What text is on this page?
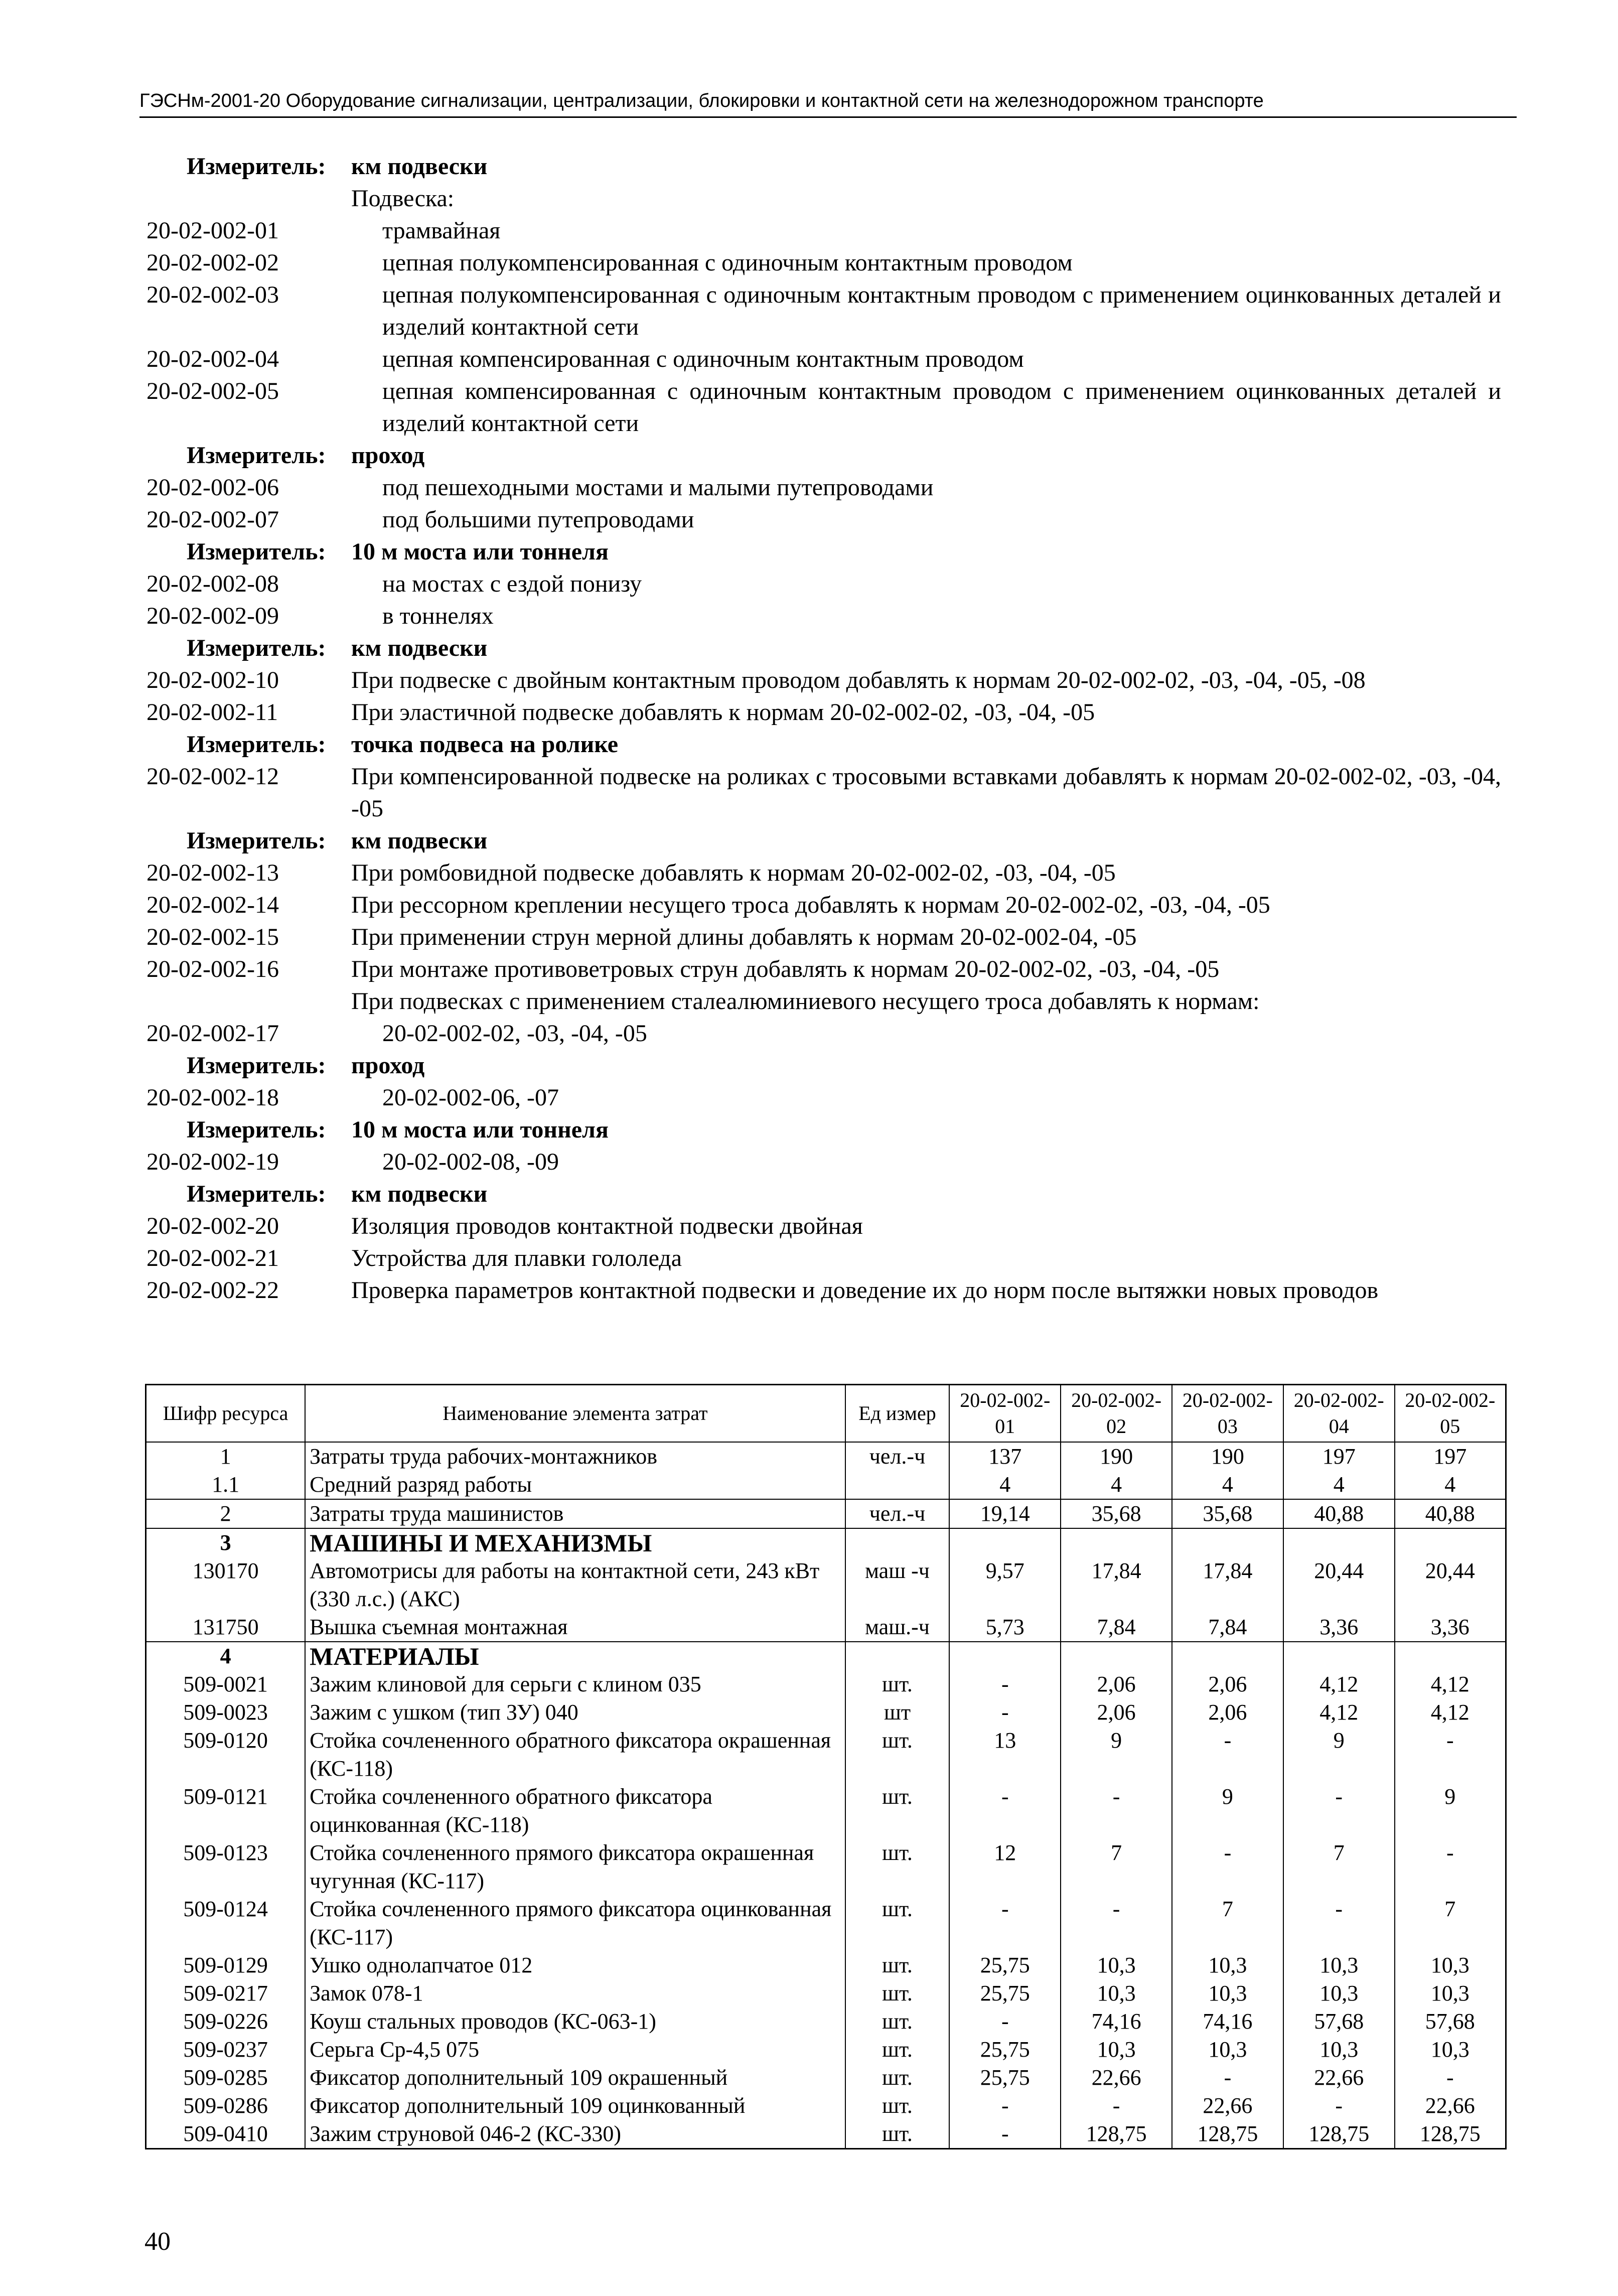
ГЭСНм-2001-20 Оборудование сигнализации, централизации, блокировки и контактной сети на железнодорожном транспорте
Измеритель: км подвески
Подвеска:
20-02-002-01	трамвайная
20-02-002-02	цепная полукомпенсированная с одиночным контактным проводом
20-02-002-03	цепная полукомпенсированная с одиночным контактным проводом с применением оцинкованных деталей и изделий контактной сети
20-02-002-04	цепная компенсированная с одиночным контактным проводом
20-02-002-05	цепная компенсированная с одиночным контактным проводом с применением оцинкованных деталей и изделий контактной сети
Измеритель: проход
20-02-002-06	под пешеходными мостами и малыми путепроводами
20-02-002-07	под большими путепроводами
Измеритель: 10 м моста или тоннеля
20-02-002-08	на мостах с ездой понизу
20-02-002-09	в тоннелях
Измеритель: км подвески
20-02-002-10	При подвеске с двойным контактным проводом добавлять к нормам 20-02-002-02, -03, -04, -05, -08
20-02-002-11	При эластичной подвеске добавлять к нормам 20-02-002-02, -03, -04, -05
Измеритель: точка подвеса на ролике
20-02-002-12	При компенсированной подвеске на роликах с тросовыми вставками добавлять к нормам 20-02-002-02, -03, -04, -05
Измеритель: км подвески
20-02-002-13	При ромбовидной подвеске добавлять к нормам 20-02-002-02, -03, -04, -05
20-02-002-14	При рессорном креплении несущего троса добавлять к нормам 20-02-002-02, -03, -04, -05
20-02-002-15	При применении струн мерной длины добавлять к нормам 20-02-002-04, -05
20-02-002-16	При монтаже противоветровых струн добавлять к нормам 20-02-002-02, -03, -04, -05
При подвесках с применением сталеалюминиевого несущего троса добавлять к нормам:
20-02-002-17	20-02-002-02, -03, -04, -05
Измеритель: проход
20-02-002-18	20-02-002-06, -07
Измеритель: 10 м моста или тоннеля
20-02-002-19	20-02-002-08, -09
Измеритель: км подвески
20-02-002-20	Изоляция проводов контактной подвески двойная
20-02-002-21	Устройства для плавки гололеда
20-02-002-22	Проверка параметров контактной подвески и доведение их до норм после вытяжки новых проводов
Шифр ресурса	Наименование элемента затрат	Ед измер	20-02-002-01	20-02-002-02	20-02-002-03	20-02-002-04	20-02-002-05
1	Затраты труда рабочих-монтажников	чел.-ч	137	190	190	197	197
1.1	Средний разряд работы		4	4	4	4	4
2	Затраты труда машинистов	чел.-ч	19,14	35,68	35,68	40,88	40,88
3	МАШИНЫ И МЕХАНИЗМЫ						
130170	Автомотрисы для работы на контактной сети, 243 кВт (330 л.с.) (АКС)	маш -ч	9,57	17,84	17,84	20,44	20,44
131750	Вышка съемная монтажная	маш.-ч	5,73	7,84	7,84	3,36	3,36
4	МАТЕРИАЛЫ						
509-0021	Зажим клиновой для серьги с клином 035	шт.	-	2,06	2,06	4,12	4,12
509-0023	Зажим с ушком (тип ЗУ) 040	шт	-	2,06	2,06	4,12	4,12
509-0120	Стойка сочлененного обратного фиксатора окрашенная (КС-118)	шт.	13	9	-	9	-
509-0121	Стойка сочлененного обратного фиксатора оцинкованная (КС-118)	шт.	-	-	9	-	9
509-0123	Стойка сочлененного прямого фиксатора окрашенная чугунная (КС-117)	шт.	12	7	-	7	-
509-0124	Стойка сочлененного прямого фиксатора оцинкованная (КС-117)	шт.	-	-	7	-	7
509-0129	Ушко однолапчатое 012	шт.	25,75	10,3	10,3	10,3	10,3
509-0217	Замок 078-1	шт.	25,75	10,3	10,3	10,3	10,3
509-0226	Коуш стальных проводов (КС-063-1)	шт.	-	74,16	74,16	57,68	57,68
509-0237	Серьга Ср-4,5 075	шт.	25,75	10,3	10,3	10,3	10,3
509-0285	Фиксатор дополнительный 109 окрашенный	шт.	25,75	22,66	-	22,66	-
509-0286	Фиксатор дополнительный 109 оцинкованный	шт.	-	-	22,66	-	22,66
509-0410	Зажим струновой 046-2 (КС-330)	шт.	-	128,75	128,75	128,75	128,75
40
